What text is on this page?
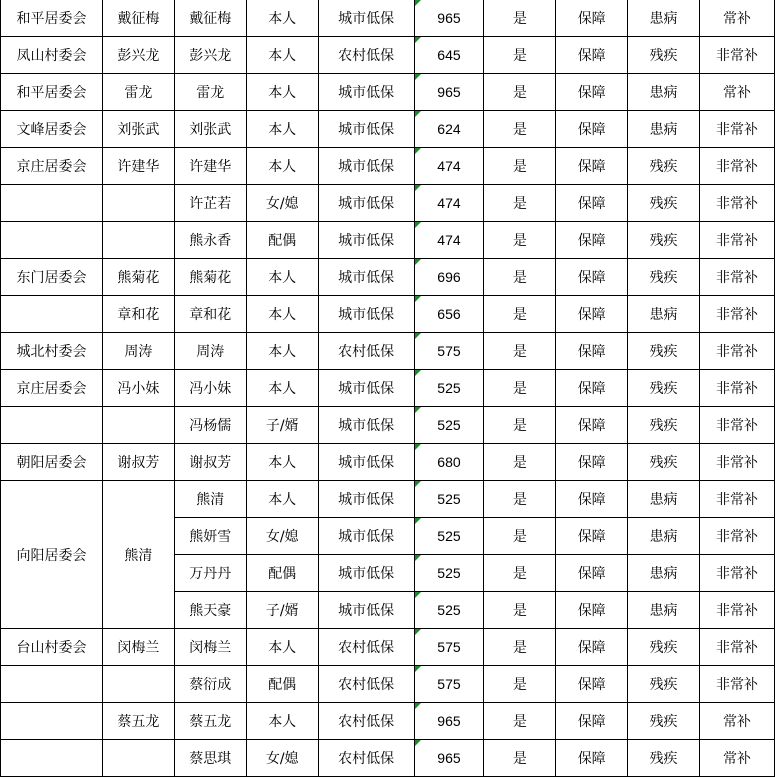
和平居委会	戴征梅	戴征梅	本人	城市低保	965	是	保障	患病	常补
凤山村委会	彭兴龙	彭兴龙	本人	农村低保	645	是	保障	残疾	非常补
和平居委会	雷龙	雷龙	本人	城市低保	965	是	保障	患病	常补
文峰居委会	刘张武	刘张武	本人	城市低保	624	是	保障	患病	非常补
京庄居委会	许建华	许建华	本人	城市低保	474	是	保障	残疾	非常补
		许芷若	女/媳	城市低保	474	是	保障	残疾	非常补
		熊永香	配偶	城市低保	474	是	保障	残疾	非常补
东门居委会	熊菊花	熊菊花	本人	城市低保	696	是	保障	残疾	非常补
	章和花	章和花	本人	城市低保	656	是	保障	患病	非常补
城北村委会	周涛	周涛	本人	农村低保	575	是	保障	残疾	非常补
京庄居委会	冯小妹	冯小妹	本人	城市低保	525	是	保障	残疾	非常补
		冯杨儒	子/婿	城市低保	525	是	保障	残疾	非常补
朝阳居委会	谢叔芳	谢叔芳	本人	城市低保	680	是	保障	残疾	非常补
向阳居委会	熊清	熊清	本人	城市低保	525	是	保障	患病	非常补
		熊妍雪	女/媳	城市低保	525	是	保障	患病	非常补
		万丹丹	配偶	城市低保	525	是	保障	患病	非常补
		熊天豪	子/婿	城市低保	525	是	保障	患病	非常补
台山村委会	闵梅兰	闵梅兰	本人	农村低保	575	是	保障	残疾	非常补
		蔡衍成	配偶	农村低保	575	是	保障	残疾	非常补
	蔡五龙	蔡五龙	本人	农村低保	965	是	保障	残疾	常补
		蔡思琪	女/媳	农村低保	965	是	保障	残疾	常补
